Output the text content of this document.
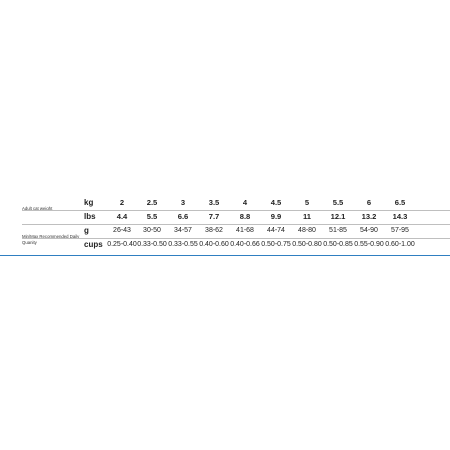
Adult cat weight
Min/Max Recommended Daily Quanity
kg	2	2.5	3	3.5	4	4.5	5	5.5	6	6.5
lbs	4.4	5.5	6.6	7.7	8.8	9.9	11	12.1	13.2	14.3
g	26-43	30-50	34-57	38-62	41-68	44-74	48-80	51-85	54-90	57-95
cups 0.25-0.40 0.33-0.50 0.33-0.55 0.40-0.60 0.40-0.66 0.50-0.75 0.50-0.80 0.50-0.85 0.55-0.90 0.60-1.00
